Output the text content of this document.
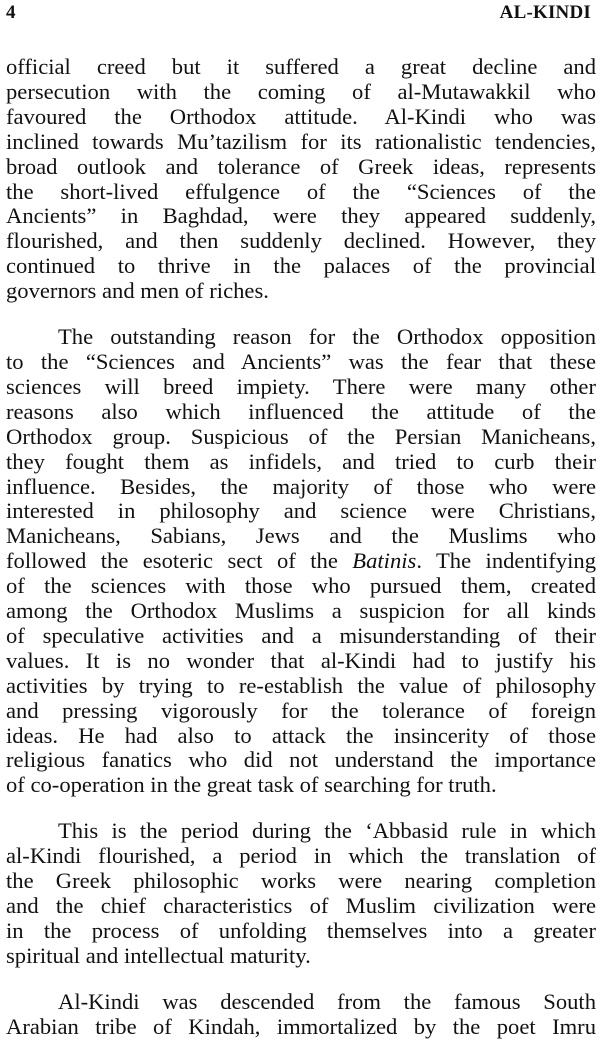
4	AL-KINDI

official creed but it suffered a great decline and
persecution with the coming of al-Mutawakkil who
favoured the Orthodox attitude. Al-Kindi who was
inclined towards Mu’tazilism for its rationalistic tendencies,
broad outlook and tolerance of Greek ideas, represents
the short-lived effulgence of the “Sciences of the
Ancients” in Baghdad, were they appeared suddenly,
flourished, and then suddenly declined. However, they
continued to thrive in the palaces of the provincial
governors and men of riches.

The outstanding reason for the Orthodox opposition
to the “Sciences and Ancients” was the fear that these
sciences will breed impiety. There were many other
reasons also which influenced the attitude of the
Orthodox group. Suspicious of the Persian Manicheans,
they fought them as infidels, and tried to curb their
influence. Besides, the majority of those who were
interested in philosophy and science were Christians,
Manicheans, Sabians, Jews and the Muslims who
followed the esoteric sect of the Batinis. The indentifying
of the sciences with those who pursued them, created
among the Orthodox Muslims a suspicion for all kinds
of speculative activities and a misunderstanding of their
values. It is no wonder that al-Kindi had to justify his
activities by trying to re-establish the value of philosophy
and pressing vigorously for the tolerance of foreign
ideas. He had also to attack the insincerity of those
religious fanatics who did not understand the importance
of co-operation in the great task of searching for truth.

This is the period during the ‘Abbasid rule in which
al-Kindi flourished, a period in which the translation of
the Greek philosophic works were nearing completion
and the chief characteristics of Muslim civilization were
in the process of unfolding themselves into a greater
spiritual and intellectual maturity.

Al-Kindi was descended from the famous South
Arabian tribe of Kindah, immortalized by the poet Imru
